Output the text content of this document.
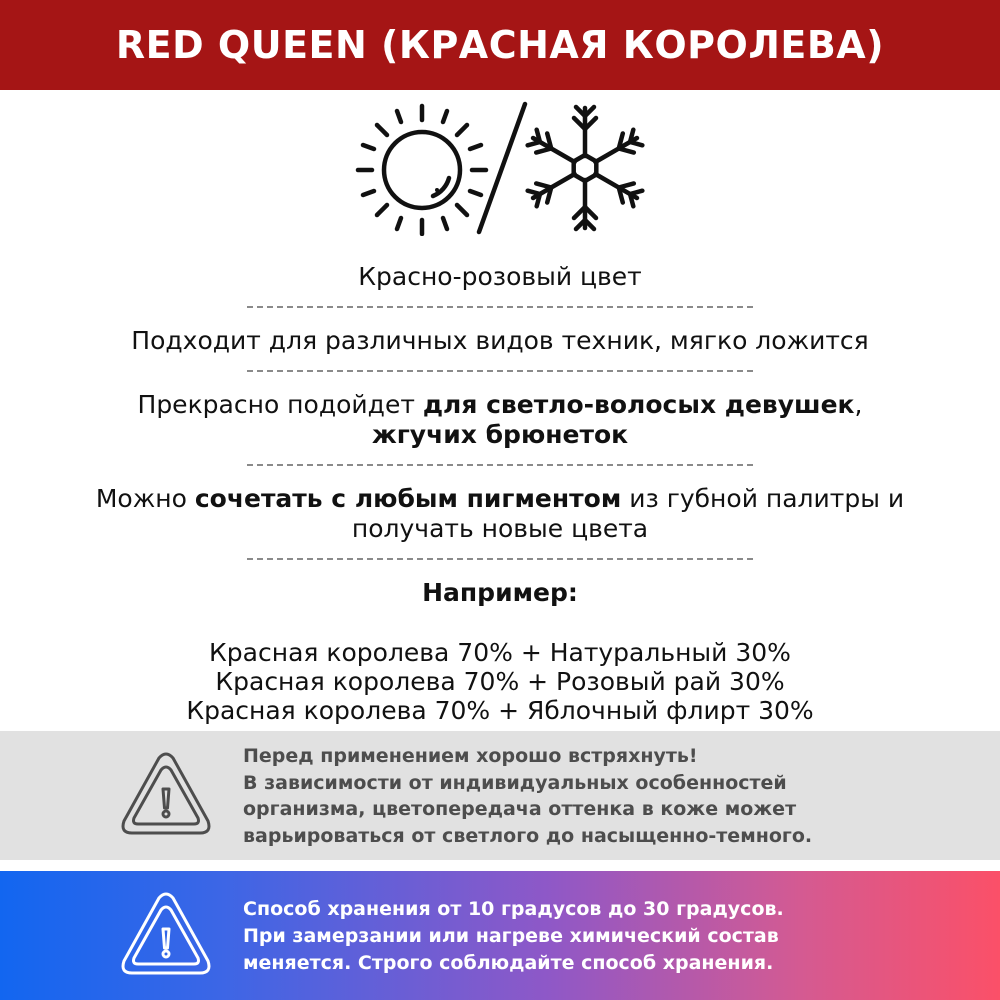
RED QUEEN (КРАСНАЯ КОРОЛЕВА)

Красно-розовый цвет

Подходит для различных видов техник, мягко ложится

Прекрасно подойдет для светло-волосых девушек,

жгучих брюнеток

Можно сочетать с любым пигментом из губной палитры и

получать новые цвета

Например:

Красная королева 70% + Натуральный 30%

Красная королева 70% + Розовый рай 30%

Красная королева 70% + Яблочный флирт 30%

Перед применением хорошо встряхнуть!

В зависимости от индивидуальных особенностей

организма, цветопередача оттенка в коже может

варьироваться от светлого до насыщенно-темного.

Способ хранения от 10 градусов до 30 градусов.

При замерзании или нагреве химический состав

меняется. Строго соблюдайте способ хранения.
